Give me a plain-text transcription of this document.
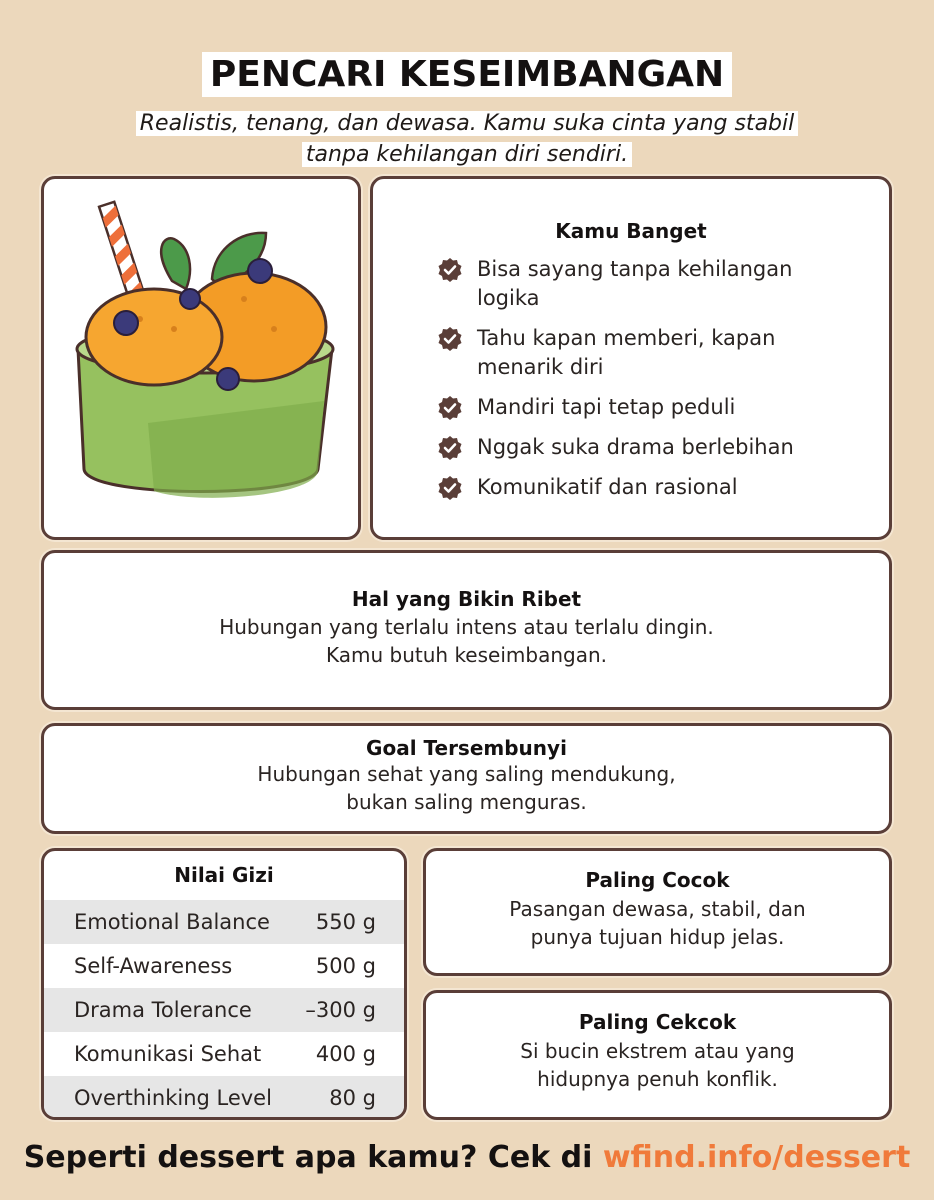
PENCARI KESEIMBANGAN
Realistis, tenang, dan dewasa. Kamu suka cinta yang stabil
tanpa kehilangan diri sendiri.
Kamu Banget
Bisa sayang tanpa kehilangan logika
Tahu kapan memberi, kapan menarik diri
Mandiri tapi tetap peduli
Nggak suka drama berlebihan
Komunikatif dan rasional
Hal yang Bikin Ribet

Hubungan yang terlalu intens atau terlalu dingin.
Kamu butuh keseimbangan.

Goal Tersembunyi

Hubungan sehat yang saling mendukung,
bukan saling menguras.

Nilai Gizi
Emotional Balance 550 g
Self-Awareness	500 g
Drama Tolerance	–300 g
Komunikasi Sehat	400 g
Overthinking Level	80 g
Paling Cocok

Pasangan dewasa, stabil, dan
punya tujuan hidup jelas.

Paling Cekcok

Si bucin ekstrem atau yang
hidupnya penuh konflik.

Seperti dessert apa kamu? Cek di wfind.info/dessert
